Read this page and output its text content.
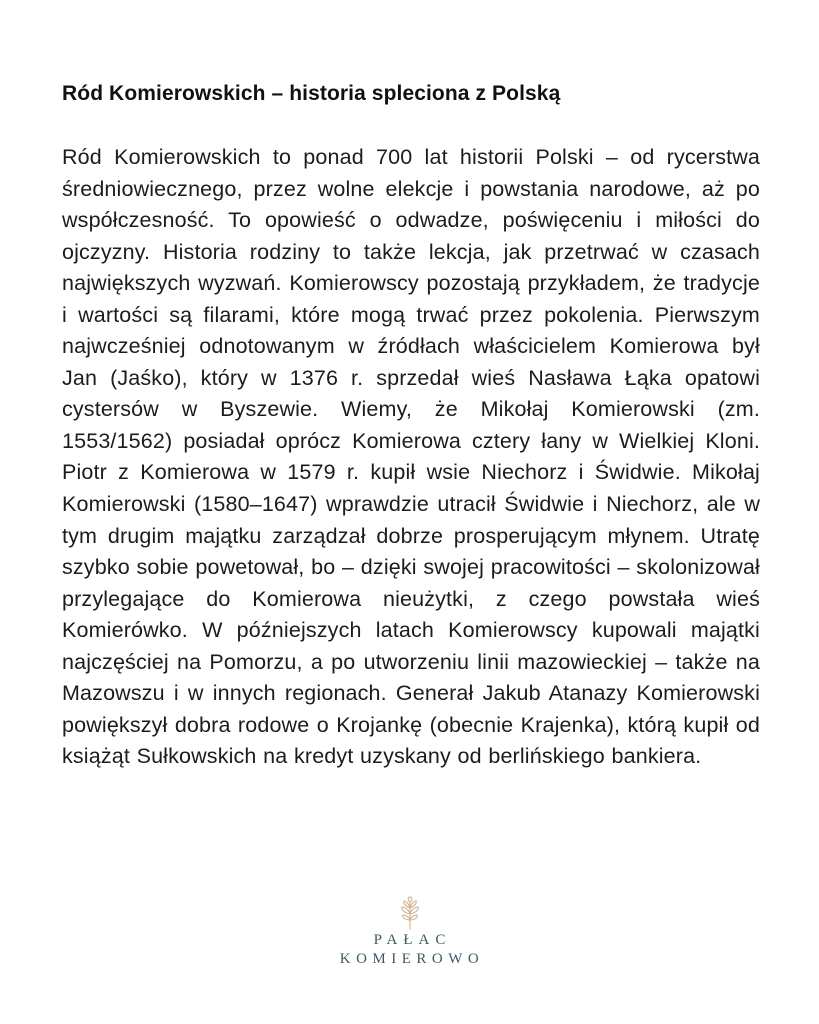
Ród Komierowskich – historia spleciona z Polską
Ród Komierowskich to ponad 700 lat historii Polski – od rycerstwa średniowiecznego, przez wolne elekcje i powstania narodowe, aż po współczesność. To opowieść o odwadze, poświęceniu i miłości do ojczyzny. Historia rodziny to także lekcja, jak przetrwać w czasach największych wyzwań. Komierowscy pozostają przykładem, że tradycje i wartości są filarami, które mogą trwać przez pokolenia. Pierwszym najwcześniej odnotowanym w źródłach właścicielem Komierowa był Jan (Jaśko), który w 1376 r. sprzedał wieś Nasława Łąka opatowi cystersów w Byszewie. Wiemy, że Mikołaj Komierowski (zm. 1553/1562) posiadał oprócz Komierowa cztery łany w Wielkiej Kloni. Piotr z Komierowa w 1579 r. kupił wsie Niechorz i Świdwie. Mikołaj Komierowski (1580–1647) wprawdzie utracił Świdwie i Niechorz, ale w tym drugim majątku zarządzał dobrze prosperującym młynem. Utratę szybko sobie powetował, bo – dzięki swojej pracowitości – skolonizował przylegające do Komierowa nieużytki, z czego powstała wieś Komierówko. W późniejszych latach Komierowscy kupowali majątki najczęściej na Pomorzu, a po utworzeniu linii mazowieckiej – także na Mazowszu i w innych regionach. Generał Jakub Atanazy Komierowski powiększył dobra rodowe o Krojankę (obecnie Krajenka), którą kupił od książąt Sułkowskich na kredyt uzyskany od berlińskiego bankiera.
PAŁAC
KOMIEROWO
